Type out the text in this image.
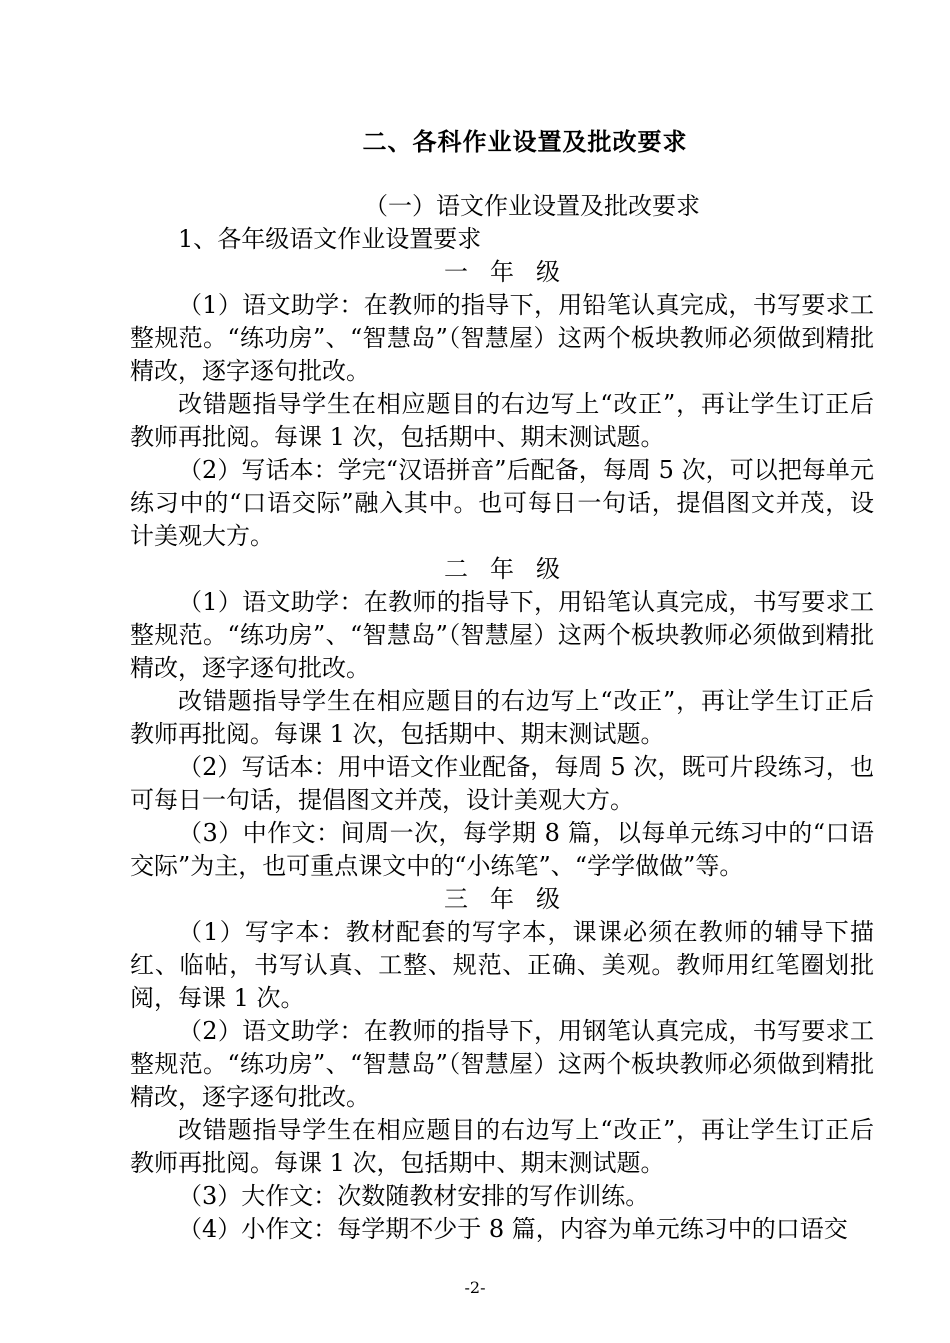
二、各科作业设置及批改要求

（一）语文作业设置及批改要求

1、各年级语文作业设置要求

一年级

（1）语文助学：在教师的指导下，用铅笔认真完成，书写要求工整规范。“练功房”、“智慧岛”（智慧屋）这两个板块教师必须做到精批精改，逐字逐句批改。

改错题指导学生在相应题目的右边写上“改正”，再让学生订正后教师再批阅。每课 1 次，包括期中、期末测试题。

（2）写话本：学完“汉语拼音”后配备，每周 5 次，可以把每单元练习中的“口语交际”融入其中。也可每日一句话，提倡图文并茂，设计美观大方。

二年级

（1）语文助学：在教师的指导下，用铅笔认真完成，书写要求工整规范。“练功房”、“智慧岛”（智慧屋）这两个板块教师必须做到精批精改，逐字逐句批改。

改错题指导学生在相应题目的右边写上“改正”，再让学生订正后教师再批阅。每课 1 次，包括期中、期末测试题。

（2）写话本：用中语文作业配备，每周 5 次，既可片段练习，也可每日一句话，提倡图文并茂，设计美观大方。

（3）中作文：间周一次，每学期 8 篇，以每单元练习中的“口语交际”为主，也可重点课文中的“小练笔”、“学学做做”等。

三年级

（1）写字本：教材配套的写字本，课课必须在教师的辅导下描红、临帖，书写认真、工整、规范、正确、美观。教师用红笔圈划批阅，每课 1 次。

（2）语文助学：在教师的指导下，用钢笔认真完成，书写要求工整规范。“练功房”、“智慧岛”（智慧屋）这两个板块教师必须做到精批精改，逐字逐句批改。

改错题指导学生在相应题目的右边写上“改正”，再让学生订正后教师再批阅。每课 1 次，包括期中、期末测试题。

（3）大作文：次数随教材安排的写作训练。

（4）小作文：每学期不少于 8 篇，内容为单元练习中的口语交

-2-
